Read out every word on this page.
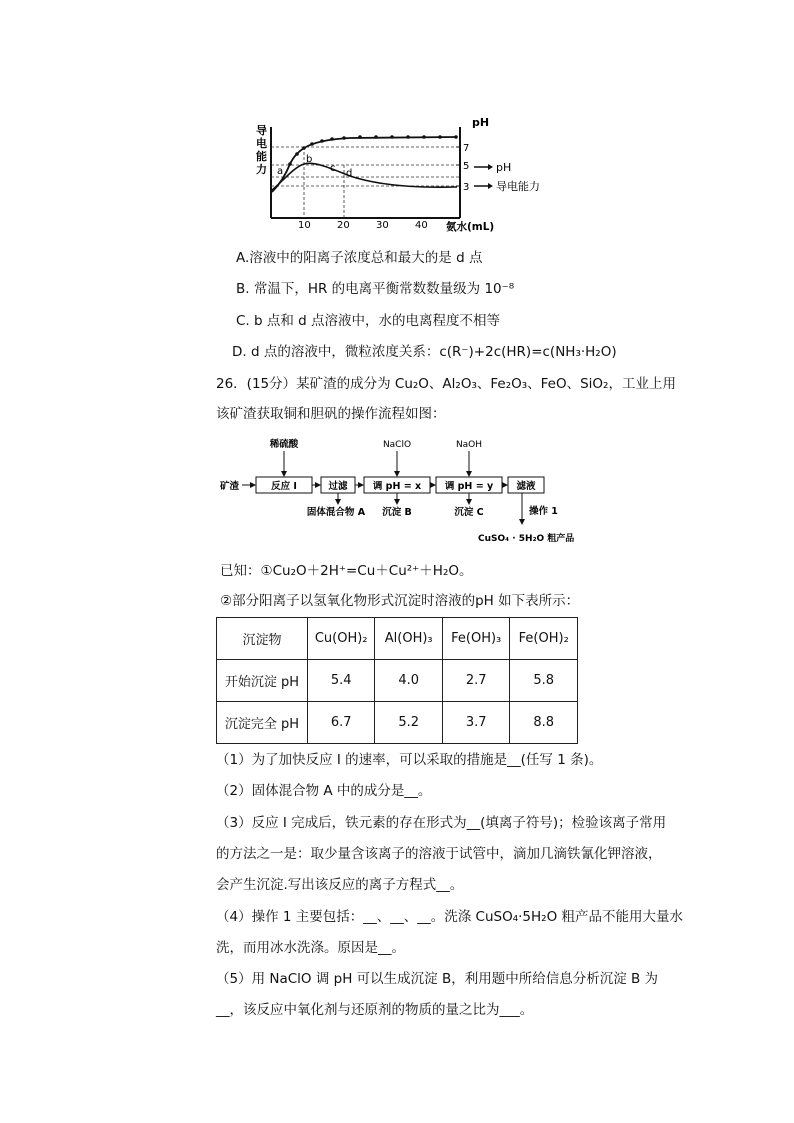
导
电
能
力
pH
7
5
3
10	20	30	40 氨水(mL)
a
b
c d	pH
导电能力
A.溶液中的阳离子浓度总和最大的是 d 点
B. 常温下，HR 的电离平衡常数数量级为 10⁻⁸
C. b 点和 d 点溶液中，水的电离程度不相等
D. d 点的溶液中，微粒浓度关系：c(R⁻)+2c(HR)=c(NH₃·H₂O)
26．(15分）某矿渣的成分为 Cu₂O、Al₂O₃、Fe₂O₃、FeO、SiO₂，工业上用
该矿渣获取铜和胆矾的操作流程如图：
矿渣	反应 Ⅰ	过滤	调 pH = x 调 pH = y 滤液
稀硫酸	NaClO	NaOH
固体混合物 A 沉淀 B	沉淀 C	操作 1
CuSO₄ · 5H₂O 粗产品
已知：①Cu₂O＋2H⁺=Cu＋Cu²⁺＋H₂O。
②部分阳离子以氢氧化物形式沉淀时溶液的pH 如下表所示：
沉淀物	Cu(OH)₂	Al(OH)₃	Fe(OH)₃	Fe(OH)₂
开始沉淀 pH	5.4	4.0	2.7	5.8
沉淀完全 pH	6.7	5.2	3.7	8.8
（1）为了加快反应 I 的速率，可以采取的措施是__(任写 1 条)。
（2）固体混合物 A 中的成分是__。
（3）反应 I 完成后，铁元素的存在形式为__(填离子符号)；检验该离子常用
的方法之一是：取少量含该离子的溶液于试管中，滴加几滴铁氰化钾溶液，
会产生沉淀.写出该反应的离子方程式__。
（4）操作 1 主要包括：__、__、__。洗涤 CuSO₄·5H₂O 粗产品不能用大量水
洗，而用冰水洗涤。原因是__。
（5）用 NaClO 调 pH 可以生成沉淀 B，利用题中所给信息分析沉淀 B 为
__，该反应中氧化剂与还原剂的物质的量之比为___。
